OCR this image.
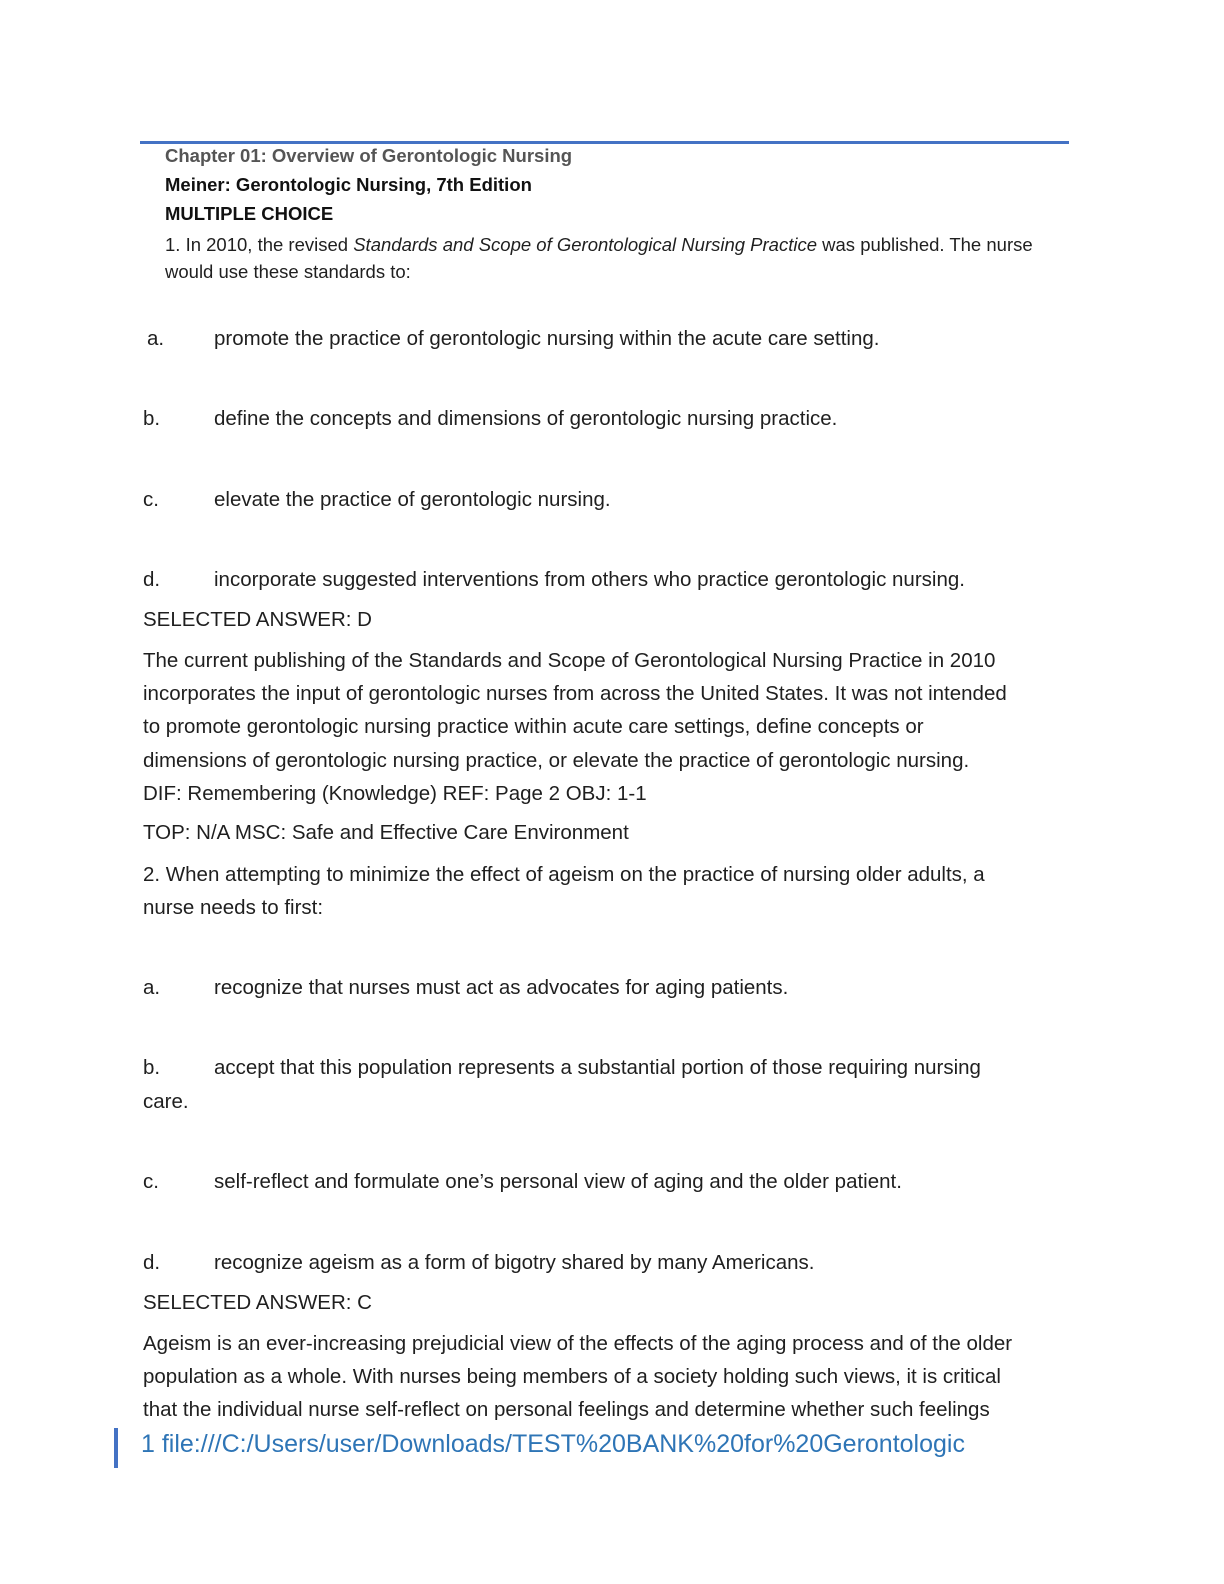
Chapter 01: Overview of Gerontologic Nursing
Meiner: Gerontologic Nursing, 7th Edition
MULTIPLE CHOICE
1. In 2010, the revised Standards and Scope of Gerontological Nursing Practice was published. The nurse would use these standards to:
a. promote the practice of gerontologic nursing within the acute care setting.
b.	define the concepts and dimensions of gerontologic nursing practice.
c.	elevate the practice of gerontologic nursing.
d.	incorporate suggested interventions from others who practice gerontologic nursing.
SELECTED ANSWER: D
The current publishing of the Standards and Scope of Gerontological Nursing Practice in 2010
incorporates the input of gerontologic nurses from across the United States. It was not intended
to promote gerontologic nursing practice within acute care settings, define concepts or
dimensions of gerontologic nursing practice, or elevate the practice of gerontologic nursing.
DIF: Remembering (Knowledge) REF: Page 2 OBJ: 1-1
TOP: N/A MSC: Safe and Effective Care Environment
2. When attempting to minimize the effect of ageism on the practice of nursing older adults, a
nurse needs to first:
a.	recognize that nurses must act as advocates for aging patients.
b.	accept that this population represents a substantial portion of those requiring nursing
care.
c.	self-reflect and formulate one’s personal view of aging and the older patient.
d.	recognize ageism as a form of bigotry shared by many Americans.
SELECTED ANSWER: C
Ageism is an ever-increasing prejudicial view of the effects of the aging process and of the older
population as a whole. With nurses being members of a society holding such views, it is critical
that the individual nurse self-reflect on personal feelings and determine whether such feelings
1 file:///C:/Users/user/Downloads/TEST%20BANK%20for%20Gerontologic
